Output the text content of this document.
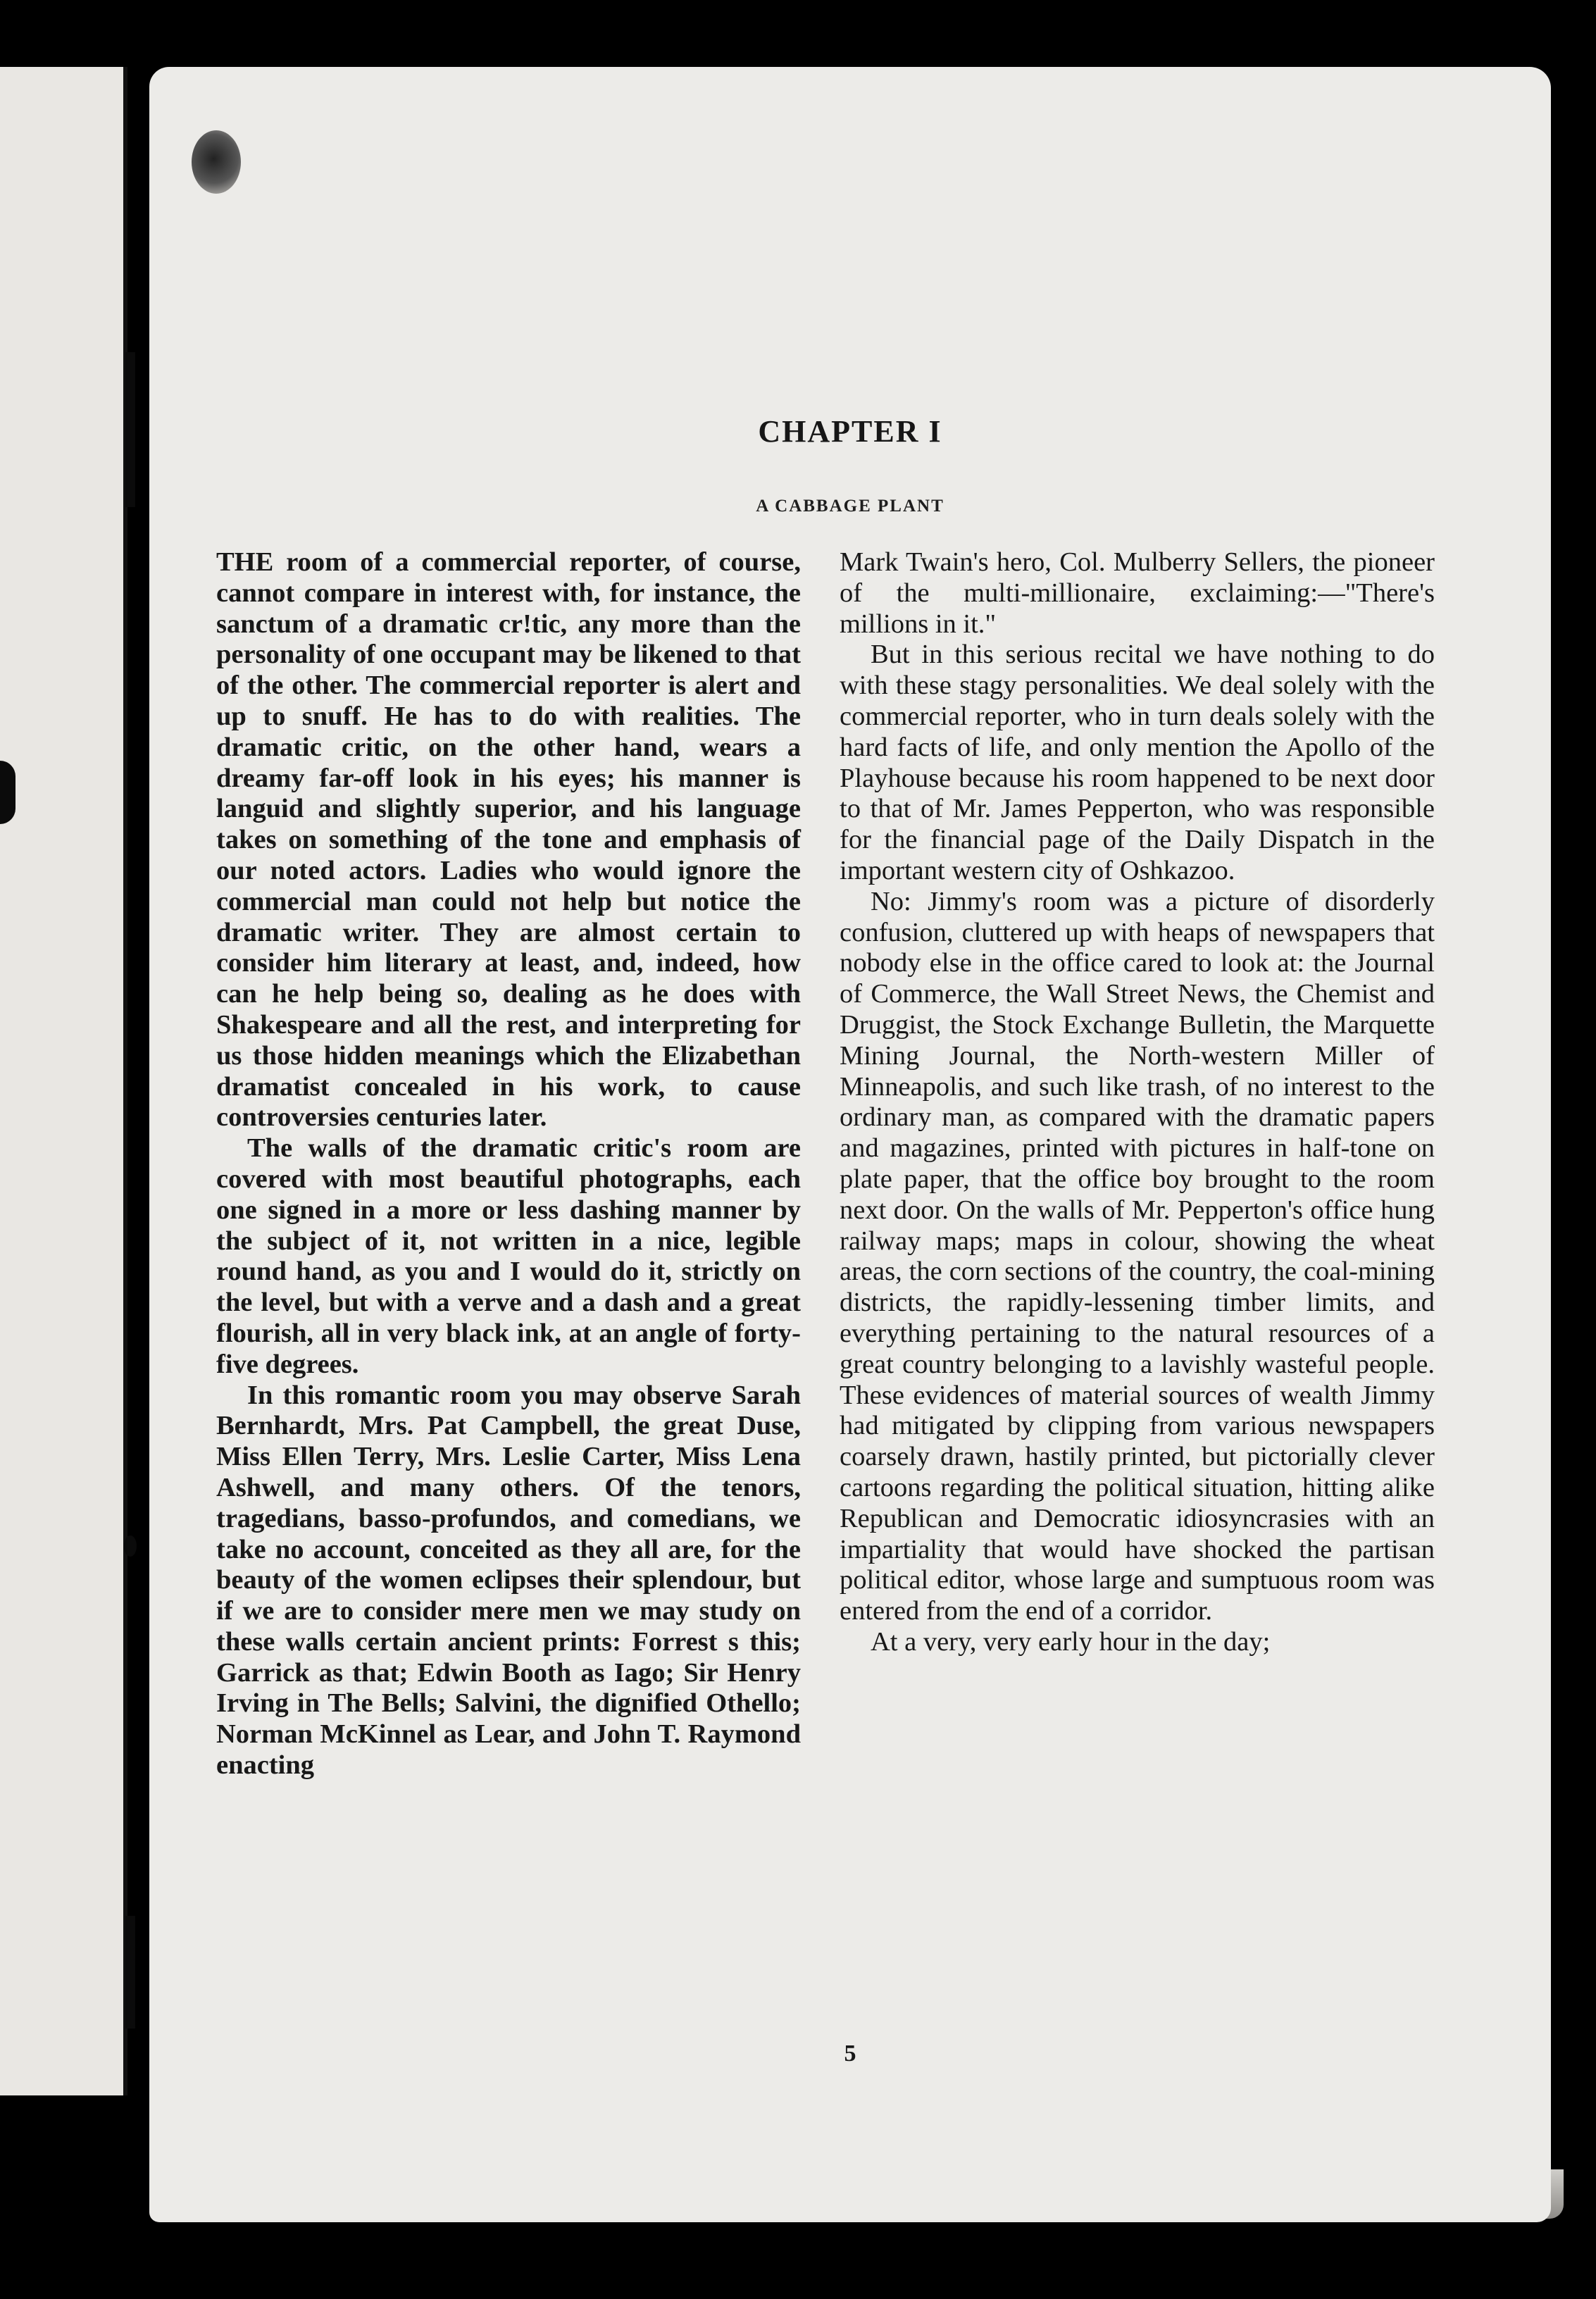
CHAPTER I
A CABBAGE PLANT

THE room of a commercial reporter, of course, cannot compare in interest with, for instance, the sanctum of a dramatic cr!tic, any more than the personality of one occupant may be likened to that of the other. The commercial reporter is alert and up to snuff. He has to do with realities. The dramatic critic, on the other hand, wears a dreamy far-off look in his eyes; his manner is languid and slightly superior, and his language takes on something of the tone and emphasis of our noted actors. Ladies who would ignore the commercial man could not help but notice the dramatic writer. They are almost certain to consider him literary at least, and, indeed, how can he help being so, dealing as he does with Shakespeare and all the rest, and interpreting for us those hidden meanings which the Elizabethan dramatist concealed in his work, to cause controversies centuries later.

The walls of the dramatic critic's room are covered with most beautiful photographs, each one signed in a more or less dashing manner by the subject of it, not written in a nice, legible round hand, as you and I would do it, strictly on the level, but with a verve and a dash and a great flourish, all in very black ink, at an angle of forty-five degrees.

In this romantic room you may observe Sarah Bernhardt, Mrs. Pat Campbell, the great Duse, Miss Ellen Terry, Mrs. Leslie Carter, Miss Lena Ashwell, and many others. Of the tenors, tragedians, basso-profundos, and comedians, we take no account, conceited as they all are, for the beauty of the women eclipses their splendour, but if we are to consider mere men we may study on these walls certain ancient prints: Forrest s this; Garrick as that; Edwin Booth as Iago; Sir Henry Irving in The Bells; Salvini, the dignified Othello; Norman McKinnel as Lear, and John T. Raymond enacting

Mark Twain's hero, Col. Mulberry Sellers, the pioneer of the multi-millionaire, exclaiming:—"There's millions in it."

But in this serious recital we have nothing to do with these stagy personalities. We deal solely with the commercial reporter, who in turn deals solely with the hard facts of life, and only mention the Apollo of the Playhouse because his room happened to be next door to that of Mr. James Pepperton, who was responsible for the financial page of the Daily Dispatch in the important western city of Oshkazoo.

No: Jimmy's room was a picture of disorderly confusion, cluttered up with heaps of newspapers that nobody else in the office cared to look at: the Journal of Commerce, the Wall Street News, the Chemist and Druggist, the Stock Exchange Bulletin, the Marquette Mining Journal, the North-western Miller of Minneapolis, and such like trash, of no interest to the ordinary man, as compared with the dramatic papers and magazines, printed with pictures in half-tone on plate paper, that the office boy brought to the room next door. On the walls of Mr. Pepperton's office hung railway maps; maps in colour, showing the wheat areas, the corn sections of the country, the coal-mining districts, the rapidly-lessening timber limits, and everything pertaining to the natural resources of a great country belonging to a lavishly wasteful people. These evidences of material sources of wealth Jimmy had mitigated by clipping from various newspapers coarsely drawn, hastily printed, but pictorially clever cartoons regarding the political situation, hitting alike Republican and Democratic idiosyncrasies with an impartiality that would have shocked the partisan political editor, whose large and sumptuous room was entered from the end of a corridor.

At a very, very early hour in the day;

5
